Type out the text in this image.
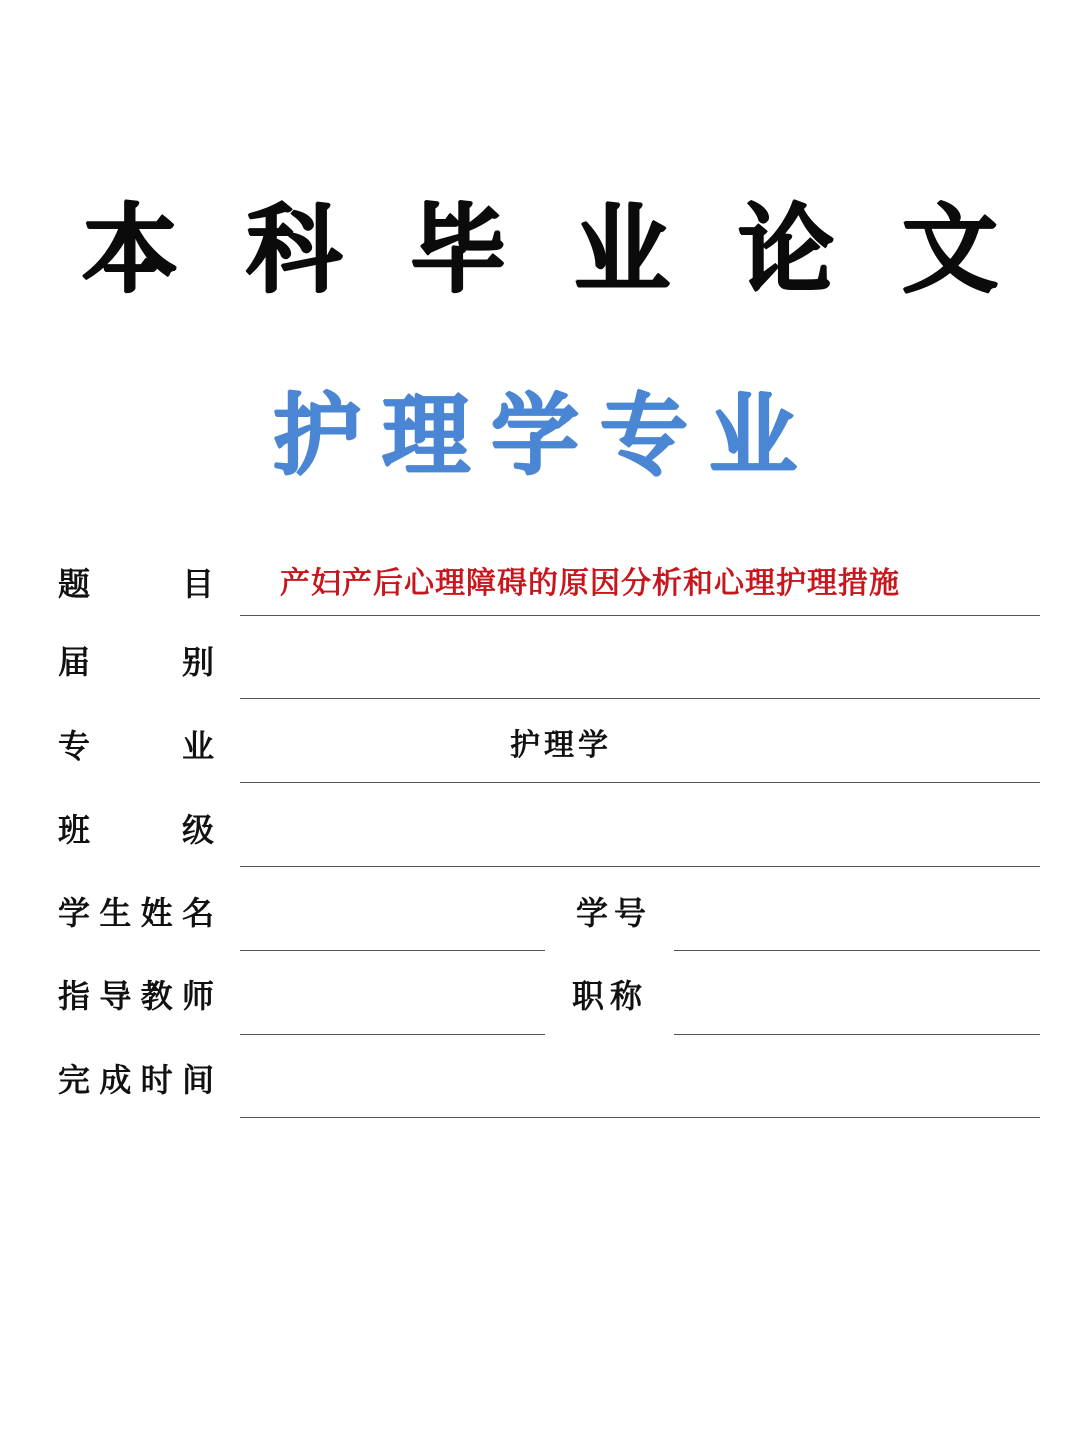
本 科 毕 业 论 文
护 理 学 专 业
题	目 产妇产后心理障碍的原因分析和心理护理措施
届	别
专	业	护理学
班	级
学 生 姓 名	学号
指 导 教 师	职称
完 成 时 间
